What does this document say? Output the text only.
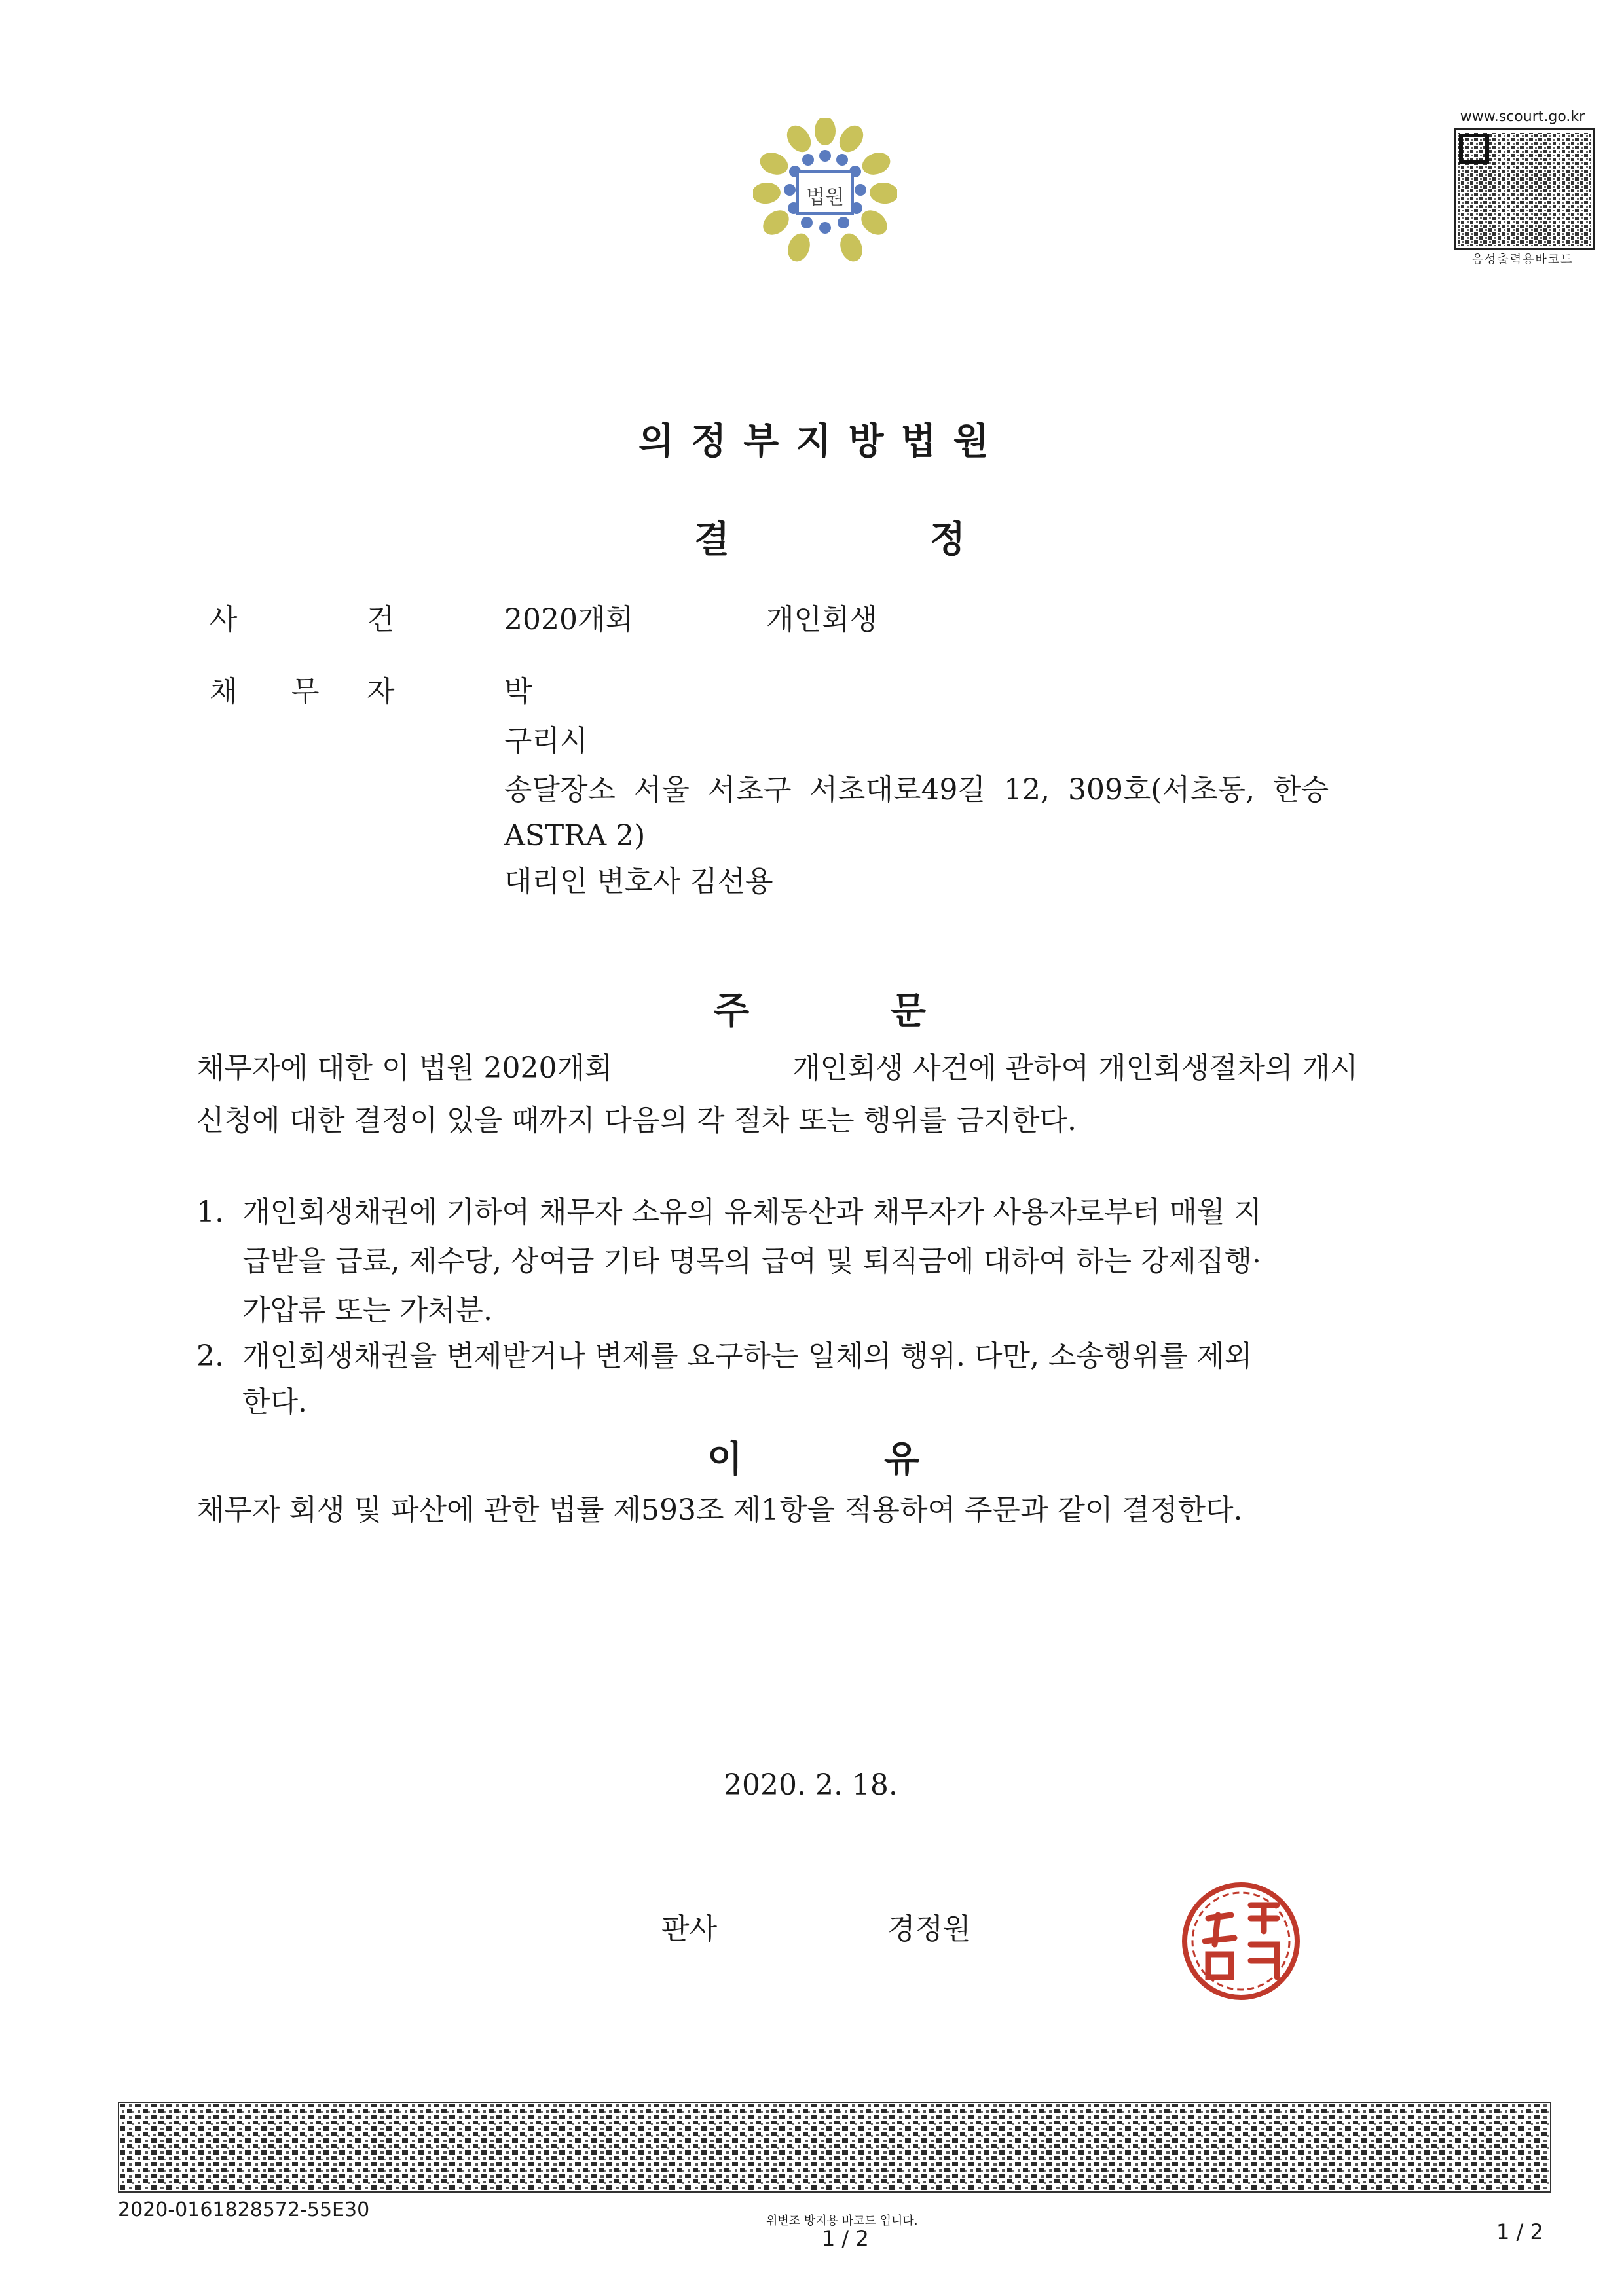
법원
www.scourt.go.kr
음성출력용바코드
의정부지방법원
결	정
사	건	2020개회	개인회생
채 무 자	박
구리시
송달장소 서울 서초구 서초대로49길 12, 309호(서초동, 한승
ASTRA 2)
대리인 변호사 김선용
주	문
채무자에 대한 이 법원 2020개회	개인회생 사건에 관하여 개인회생절차의 개시
신청에 대한 결정이 있을 때까지 다음의 각 절차 또는 행위를 금지한다.
1. 개인회생채권에 기하여 채무자 소유의 유체동산과 채무자가 사용자로부터 매월 지
급받을 급료, 제수당, 상여금 기타 명목의 급여 및 퇴직금에 대하여 하는 강제집행·
가압류 또는 가처분.
2. 개인회생채권을 변제받거나 변제를 요구하는 일체의 행위. 다만, 소송행위를 제외
한다.
이	유
채무자 회생 및 파산에 관한 법률 제593조 제1항을 적용하여 주문과 같이 결정한다.
2020. 2. 18.
판사	경정원
2020-0161828572-55E30	위변조 방지용 바코드 입니다.
1 / 2	1 / 2
